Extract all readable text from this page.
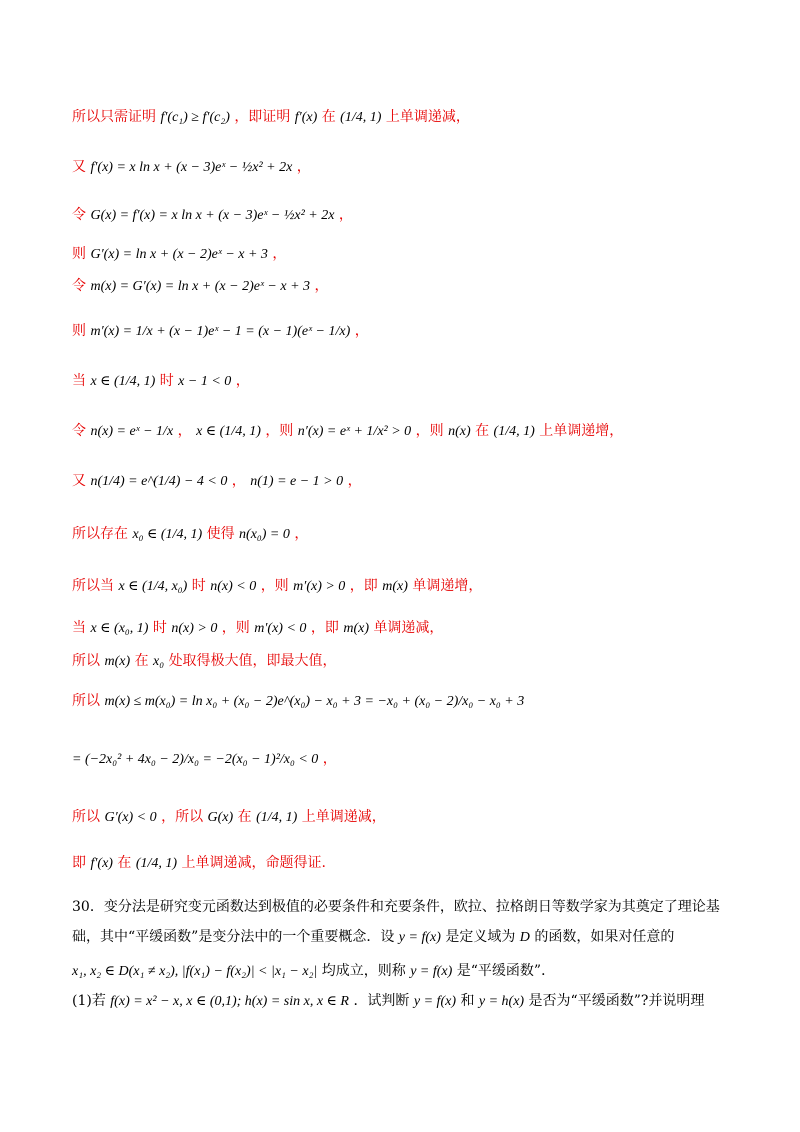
所以只需证明 f′(c₁) ≥ f′(c₂) ，即证明 f′(x) 在 (1/4, 1) 上单调递减，
又 f′(x) = x ln x + (x − 3)eˣ − ½x² + 2x ，
令 G(x) = f′(x) = x ln x + (x − 3)eˣ − ½x² + 2x ，
则 G′(x) = ln x + (x − 2)eˣ − x + 3 ，
令 m(x) = G′(x) = ln x + (x − 2)eˣ − x + 3 ，
则 m′(x) = 1/x + (x − 1)eˣ − 1 = (x − 1)(eˣ − 1/x) ，
当 x ∈ (1/4, 1) 时 x − 1 < 0 ，
令 n(x) = eˣ − 1/x ， x ∈ (1/4, 1) ，则 n′(x) = eˣ + 1/x² > 0 ，则 n(x) 在 (1/4, 1) 上单调递增，
又 n(1/4) = e^(1/4) − 4 < 0 ， n(1) = e − 1 > 0 ，
所以存在 x₀ ∈ (1/4, 1) 使得 n(x₀) = 0 ，
所以当 x ∈ (1/4, x₀) 时 n(x) < 0 ，则 m′(x) > 0 ，即 m(x) 单调递增，
当 x ∈ (x₀, 1) 时 n(x) > 0 ，则 m′(x) < 0 ，即 m(x) 单调递减，
所以 m(x) 在 x₀ 处取得极大值，即最大值，
所以 m(x) ≤ m(x₀) = ln x₀ + (x₀ − 2)e^(x₀) − x₀ + 3 = −x₀ + (x₀ − 2)/x₀ − x₀ + 3
= (−2x₀² + 4x₀ − 2)/x₀ = −2(x₀ − 1)²/x₀ < 0 ，
所以 G′(x) < 0 ，所以 G(x) 在 (1/4, 1) 上单调递减，
即 f′(x) 在 (1/4, 1) 上单调递减，命题得证.
30．变分法是研究变元函数达到极值的必要条件和充要条件，欧拉、拉格朗日等数学家为其奠定了理论基
础，其中“平缓函数”是变分法中的一个重要概念．设 y = f(x) 是定义域为 D 的函数，如果对任意的
x₁, x₂ ∈ D(x₁ ≠ x₂), |f(x₁) − f(x₂)| < |x₁ − x₂| 均成立，则称 y = f(x) 是“平缓函数”．
(1)若 f(x) = x² − x, x ∈ (0,1); h(x) = sin x, x ∈ R ．试判断 y = f(x) 和 y = h(x) 是否为“平缓函数”?并说明理
